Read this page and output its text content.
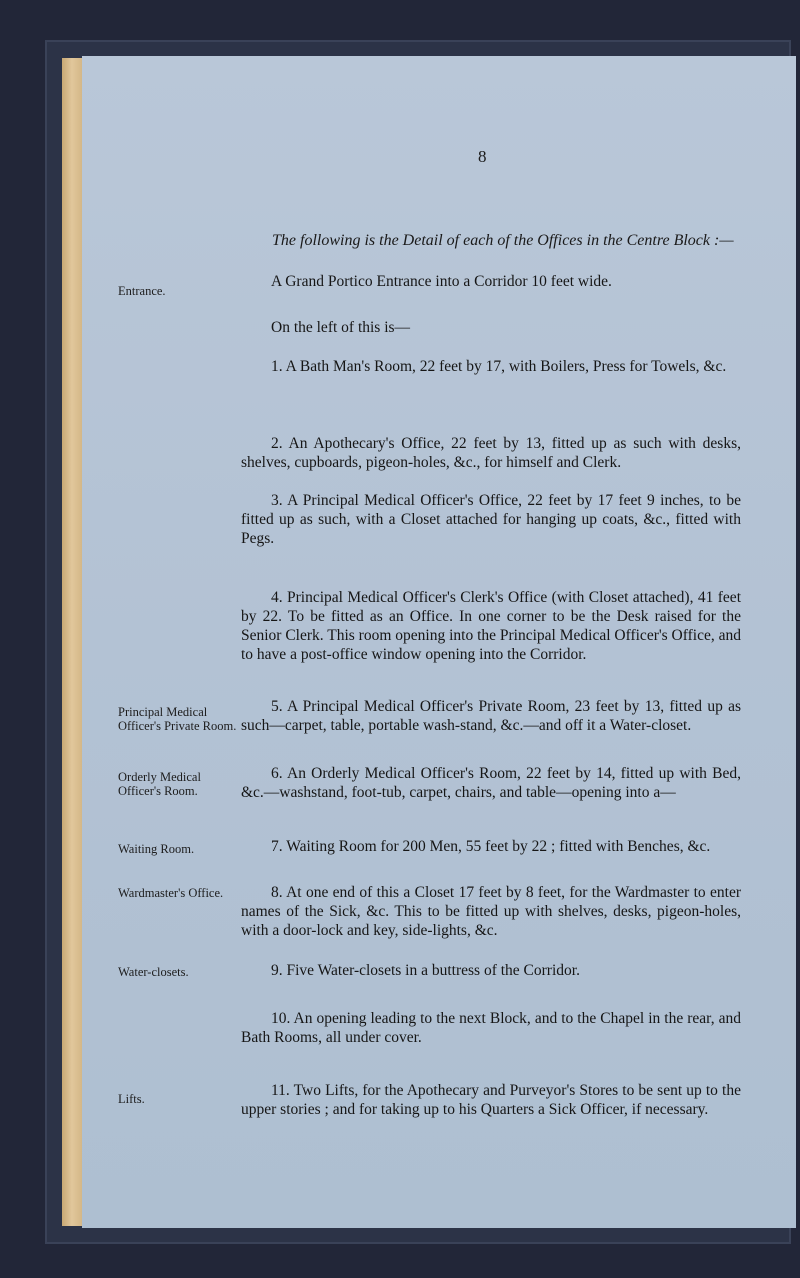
8
The following is the Detail of each of the Offices in the Centre Block :—
Entrance.
A Grand Portico Entrance into a Corridor 10 feet wide.
On the left of this is—
1. A Bath Man's Room, 22 feet by 17, with Boilers, Press for Towels, &c.
2. An Apothecary's Office, 22 feet by 13, fitted up as such with desks, shelves, cupboards, pigeon-holes, &c., for himself and Clerk.
3. A Principal Medical Officer's Office, 22 feet by 17 feet 9 inches, to be fitted up as such, with a Closet attached for hanging up coats, &c., fitted with Pegs.
4. Principal Medical Officer's Clerk's Office (with Closet attached), 41 feet by 22. To be fitted as an Office. In one corner to be the Desk raised for the Senior Clerk. This room opening into the Principal Medical Officer's Office, and to have a post-office window opening into the Corridor.
Principal Medical Officer's Private Room.
5. A Principal Medical Officer's Private Room, 23 feet by 13, fitted up as such—carpet, table, portable wash-stand, &c.—and off it a Water-closet.
Orderly Medical Officer's Room.
6. An Orderly Medical Officer's Room, 22 feet by 14, fitted up with Bed, &c.—washstand, foot-tub, carpet, chairs, and table—opening into a—
Waiting Room.	7. Waiting Room for 200 Men, 55 feet by 22 ; fitted with Benches, &c.
Wardmaster's Office.	8. At one end of this a Closet 17 feet by 8 feet, for the Wardmaster to enter names of the Sick, &c. This to be fitted up with shelves, desks, pigeon-holes, with a door-lock and key, side-lights, &c.
Water-closets.	9. Five Water-closets in a buttress of the Corridor.
10. An opening leading to the next Block, and to the Chapel in the rear, and Bath Rooms, all under cover.
Lifts.	11. Two Lifts, for the Apothecary and Purveyor's Stores to be sent up to the upper stories ; and for taking up to his Quarters a Sick Officer, if necessary.
